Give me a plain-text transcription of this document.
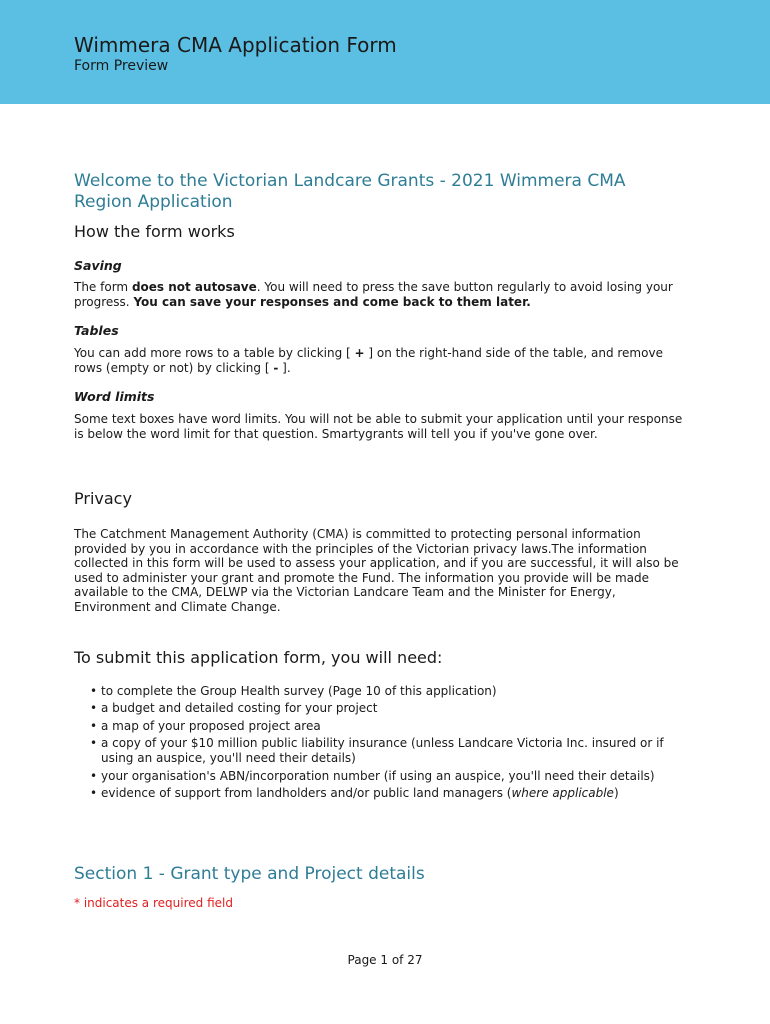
Wimmera CMA Application Form
Form Preview
Welcome to the Victorian Landcare Grants - 2021 Wimmera CMA Region Application
How the form works
Saving

The form does not autosave. You will need to press the save button regularly to avoid losing your progress. You can save your responses and come back to them later.

Tables

You can add more rows to a table by clicking [ + ] on the right-hand side of the table, and remove rows (empty or not) by clicking [ - ].

Word limits

Some text boxes have word limits. You will not be able to submit your application until your response is below the word limit for that question. Smartygrants will tell you if you've gone over.

Privacy

The Catchment Management Authority (CMA) is committed to protecting personal information provided by you in accordance with the principles of the Victorian privacy laws.The information collected in this form will be used to assess your application, and if you are successful, it will also be used to administer your grant and promote the Fund. The information you provide will be made available to the CMA, DELWP via the Victorian Landcare Team and the Minister for Energy, Environment and Climate Change.

To submit this application form, you will need:
• to complete the Group Health survey (Page 10 of this application)
• a budget and detailed costing for your project
• a map of your proposed project area
• a copy of your $10 million public liability insurance (unless Landcare Victoria Inc. insured or if using an auspice, you'll need their details)
• your organisation's ABN/incorporation number (if using an auspice, you'll need their details)
• evidence of support from landholders and/or public land managers (where applicable)
Section 1 - Grant type and Project details
* indicates a required field
Page 1 of 27
